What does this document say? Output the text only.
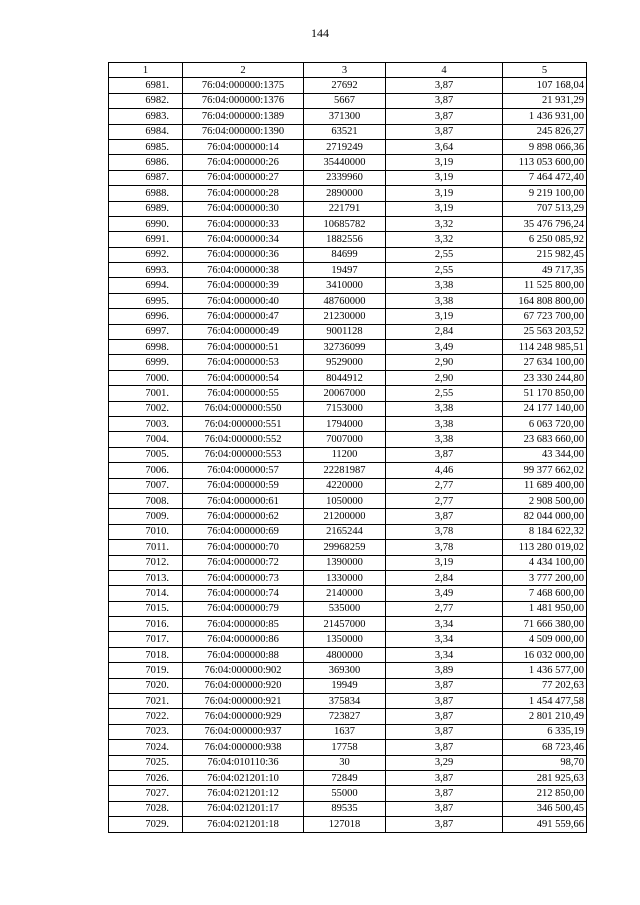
144
1	2	3	4	5
6981.	76:04:000000:1375	27692	3,87	107 168,04
6982.	76:04:000000:1376	5667	3,87	21 931,29
6983.	76:04:000000:1389	371300	3,87	1 436 931,00
6984.	76:04:000000:1390	63521	3,87	245 826,27
6985.	76:04:000000:14	2719249	3,64	9 898 066,36
6986.	76:04:000000:26	35440000	3,19	113 053 600,00
6987.	76:04:000000:27	2339960	3,19	7 464 472,40
6988.	76:04:000000:28	2890000	3,19	9 219 100,00
6989.	76:04:000000:30	221791	3,19	707 513,29
6990.	76:04:000000:33	10685782	3,32	35 476 796,24
6991.	76:04:000000:34	1882556	3,32	6 250 085,92
6992.	76:04:000000:36	84699	2,55	215 982,45
6993.	76:04:000000:38	19497	2,55	49 717,35
6994.	76:04:000000:39	3410000	3,38	11 525 800,00
6995.	76:04:000000:40	48760000	3,38	164 808 800,00
6996.	76:04:000000:47	21230000	3,19	67 723 700,00
6997.	76:04:000000:49	9001128	2,84	25 563 203,52
6998.	76:04:000000:51	32736099	3,49	114 248 985,51
6999.	76:04:000000:53	9529000	2,90	27 634 100,00
7000.	76:04:000000:54	8044912	2,90	23 330 244,80
7001.	76:04:000000:55	20067000	2,55	51 170 850,00
7002.	76:04:000000:550	7153000	3,38	24 177 140,00
7003.	76:04:000000:551	1794000	3,38	6 063 720,00
7004.	76:04:000000:552	7007000	3,38	23 683 660,00
7005.	76:04:000000:553	11200	3,87	43 344,00
7006.	76:04:000000:57	22281987	4,46	99 377 662,02
7007.	76:04:000000:59	4220000	2,77	11 689 400,00
7008.	76:04:000000:61	1050000	2,77	2 908 500,00
7009.	76:04:000000:62	21200000	3,87	82 044 000,00
7010.	76:04:000000:69	2165244	3,78	8 184 622,32
7011.	76:04:000000:70	29968259	3,78	113 280 019,02
7012.	76:04:000000:72	1390000	3,19	4 434 100,00
7013.	76:04:000000:73	1330000	2,84	3 777 200,00
7014.	76:04:000000:74	2140000	3,49	7 468 600,00
7015.	76:04:000000:79	535000	2,77	1 481 950,00
7016.	76:04:000000:85	21457000	3,34	71 666 380,00
7017.	76:04:000000:86	1350000	3,34	4 509 000,00
7018.	76:04:000000:88	4800000	3,34	16 032 000,00
7019.	76:04:000000:902	369300	3,89	1 436 577,00
7020.	76:04:000000:920	19949	3,87	77 202,63
7021.	76:04:000000:921	375834	3,87	1 454 477,58
7022.	76:04:000000:929	723827	3,87	2 801 210,49
7023.	76:04:000000:937	1637	3,87	6 335,19
7024.	76:04:000000:938	17758	3,87	68 723,46
7025.	76:04:010110:36	30	3,29	98,70
7026.	76:04:021201:10	72849	3,87	281 925,63
7027.	76:04:021201:12	55000	3,87	212 850,00
7028.	76:04:021201:17	89535	3,87	346 500,45
7029.	76:04:021201:18	127018	3,87	491 559,66
